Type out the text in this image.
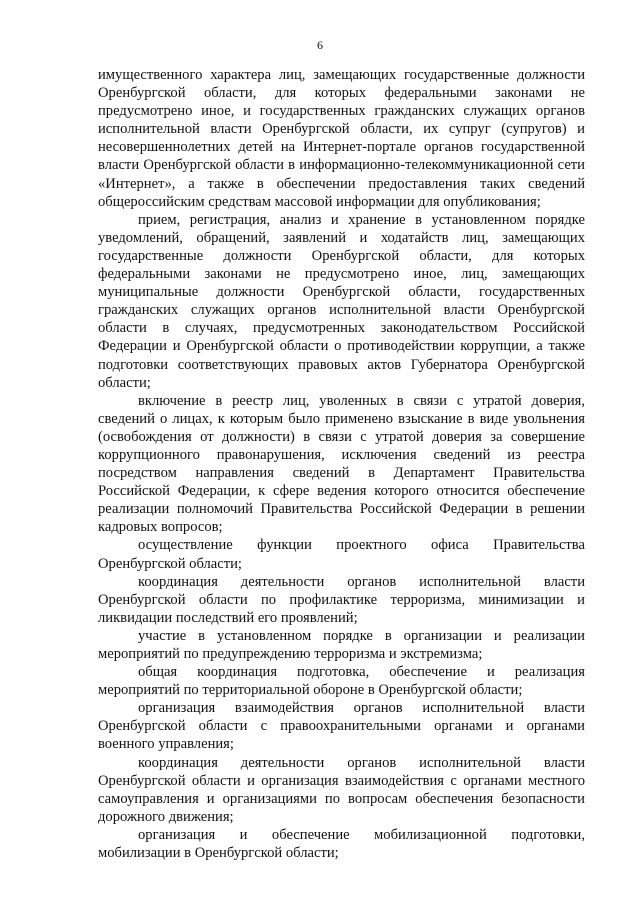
6

имущественного характера лиц, замещающих государственные должности Оренбургской области, для которых федеральными законами не предусмотрено иное, и государственных гражданских служащих органов исполнительной власти Оренбургской области, их супруг (супругов) и несовершеннолетних детей на Интернет-портале органов государственной власти Оренбургской области в информационно-телекоммуникационной сети «Интернет», а также в обеспечении предоставления таких сведений общероссийским средствам массовой информации для опубликования;

прием, регистрация, анализ и хранение в установленном порядке уведомлений, обращений, заявлений и ходатайств лиц, замещающих государственные должности Оренбургской области, для которых федеральными законами не предусмотрено иное, лиц, замещающих муниципальные должности Оренбургской области, государственных гражданских служащих органов исполнительной власти Оренбургской области в случаях, предусмотренных законодательством Российской Федерации и Оренбургской области о противодействии коррупции, а также подготовки соответствующих правовых актов Губернатора Оренбургской области;

включение в реестр лиц, уволенных в связи с утратой доверия, сведений о лицах, к которым было применено взыскание в виде увольнения (освобождения от должности) в связи с утратой доверия за совершение коррупционного правонарушения, исключения сведений из реестра посредством направления сведений в Департамент Правительства Российской Федерации, к сфере ведения которого относится обеспечение реализации полномочий Правительства Российской Федерации в решении кадровых вопросов;

осуществление функции проектного офиса Правительства Оренбургской области;

координация деятельности органов исполнительной власти Оренбургской области по профилактике терроризма, минимизации и ликвидации последствий его проявлений;

участие в установленном порядке в организации и реализации мероприятий по предупреждению терроризма и экстремизма;

общая координация подготовка, обеспечение и реализация мероприятий по территориальной обороне в Оренбургской области;

организация взаимодействия органов исполнительной власти Оренбургской области с правоохранительными органами и органами военного управления;

координация деятельности органов исполнительной власти Оренбургской области и организация взаимодействия с органами местного самоуправления и организациями по вопросам обеспечения безопасности дорожного движения;

организация и обеспечение мобилизационной подготовки, мобилизации в Оренбургской области;
